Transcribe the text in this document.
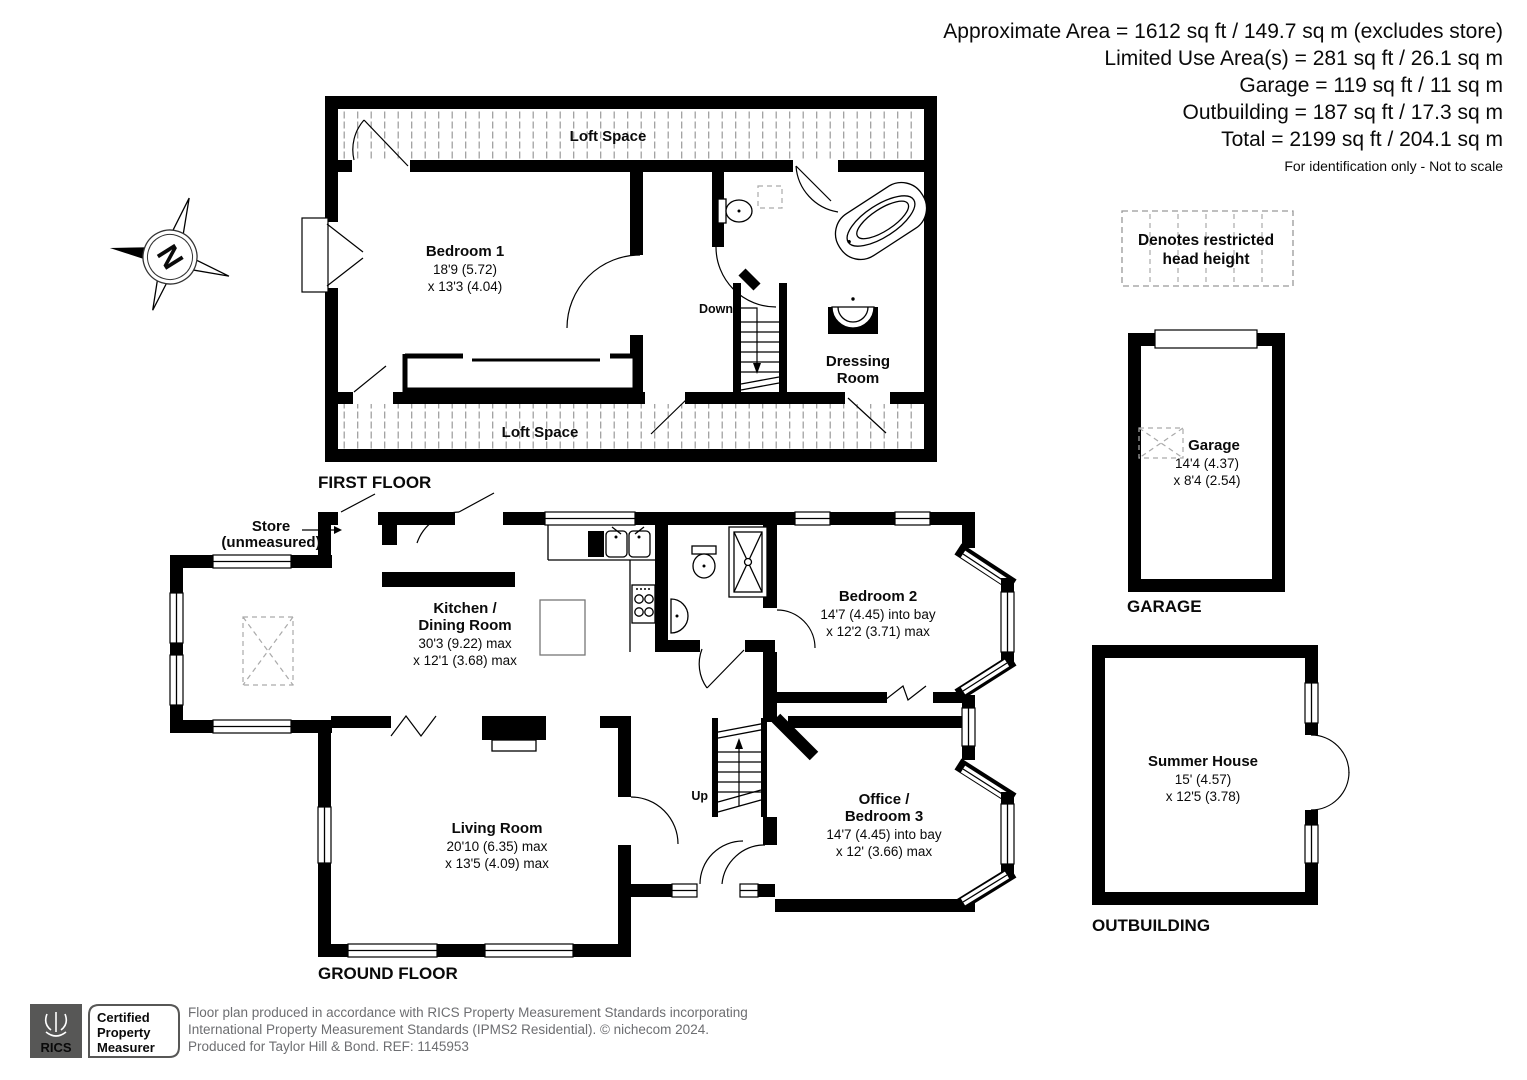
Approximate Area = 1612 sq ft / 149.7 sq m (excludes store)
Limited Use Area(s) = 281 sq ft / 26.1 sq m
Garage = 119 sq ft / 11 sq m
Outbuilding = 187 sq ft / 17.3 sq m
Total = 2199 sq ft / 204.1 sq m
For identification only - Not to scale
N
Loft Space
Loft Space
Bedroom 1
18'9 (5.72)
x 13'3 (4.04)
Down
Dressing
Room
FIRST FLOOR
Store
(unmeasured)
Kitchen /
Dining Room
30'3 (9.22) max
x 12'1 (3.68) max
Living Room
20'10 (6.35) max
x 13'5 (4.09) max
Bedroom 2
14'7 (4.45) into bay
x 12'2 (3.71) max
Office /
Bedroom 3
14'7 (4.45) into bay
x 12' (3.66) max
Up
GROUND FLOOR
Denotes restricted
head height
Garage
14'4 (4.37)
x 8'4 (2.54)
GARAGE
Summer House
15' (4.57)
x 12'5 (3.78)
OUTBUILDING
RICS
Certified
Property
Measurer
Floor plan produced in accordance with RICS Property Measurement Standards incorporating
International Property Measurement Standards (IPMS2 Residential). © nichecom 2024.
Produced for Taylor Hill & Bond. REF: 1145953
